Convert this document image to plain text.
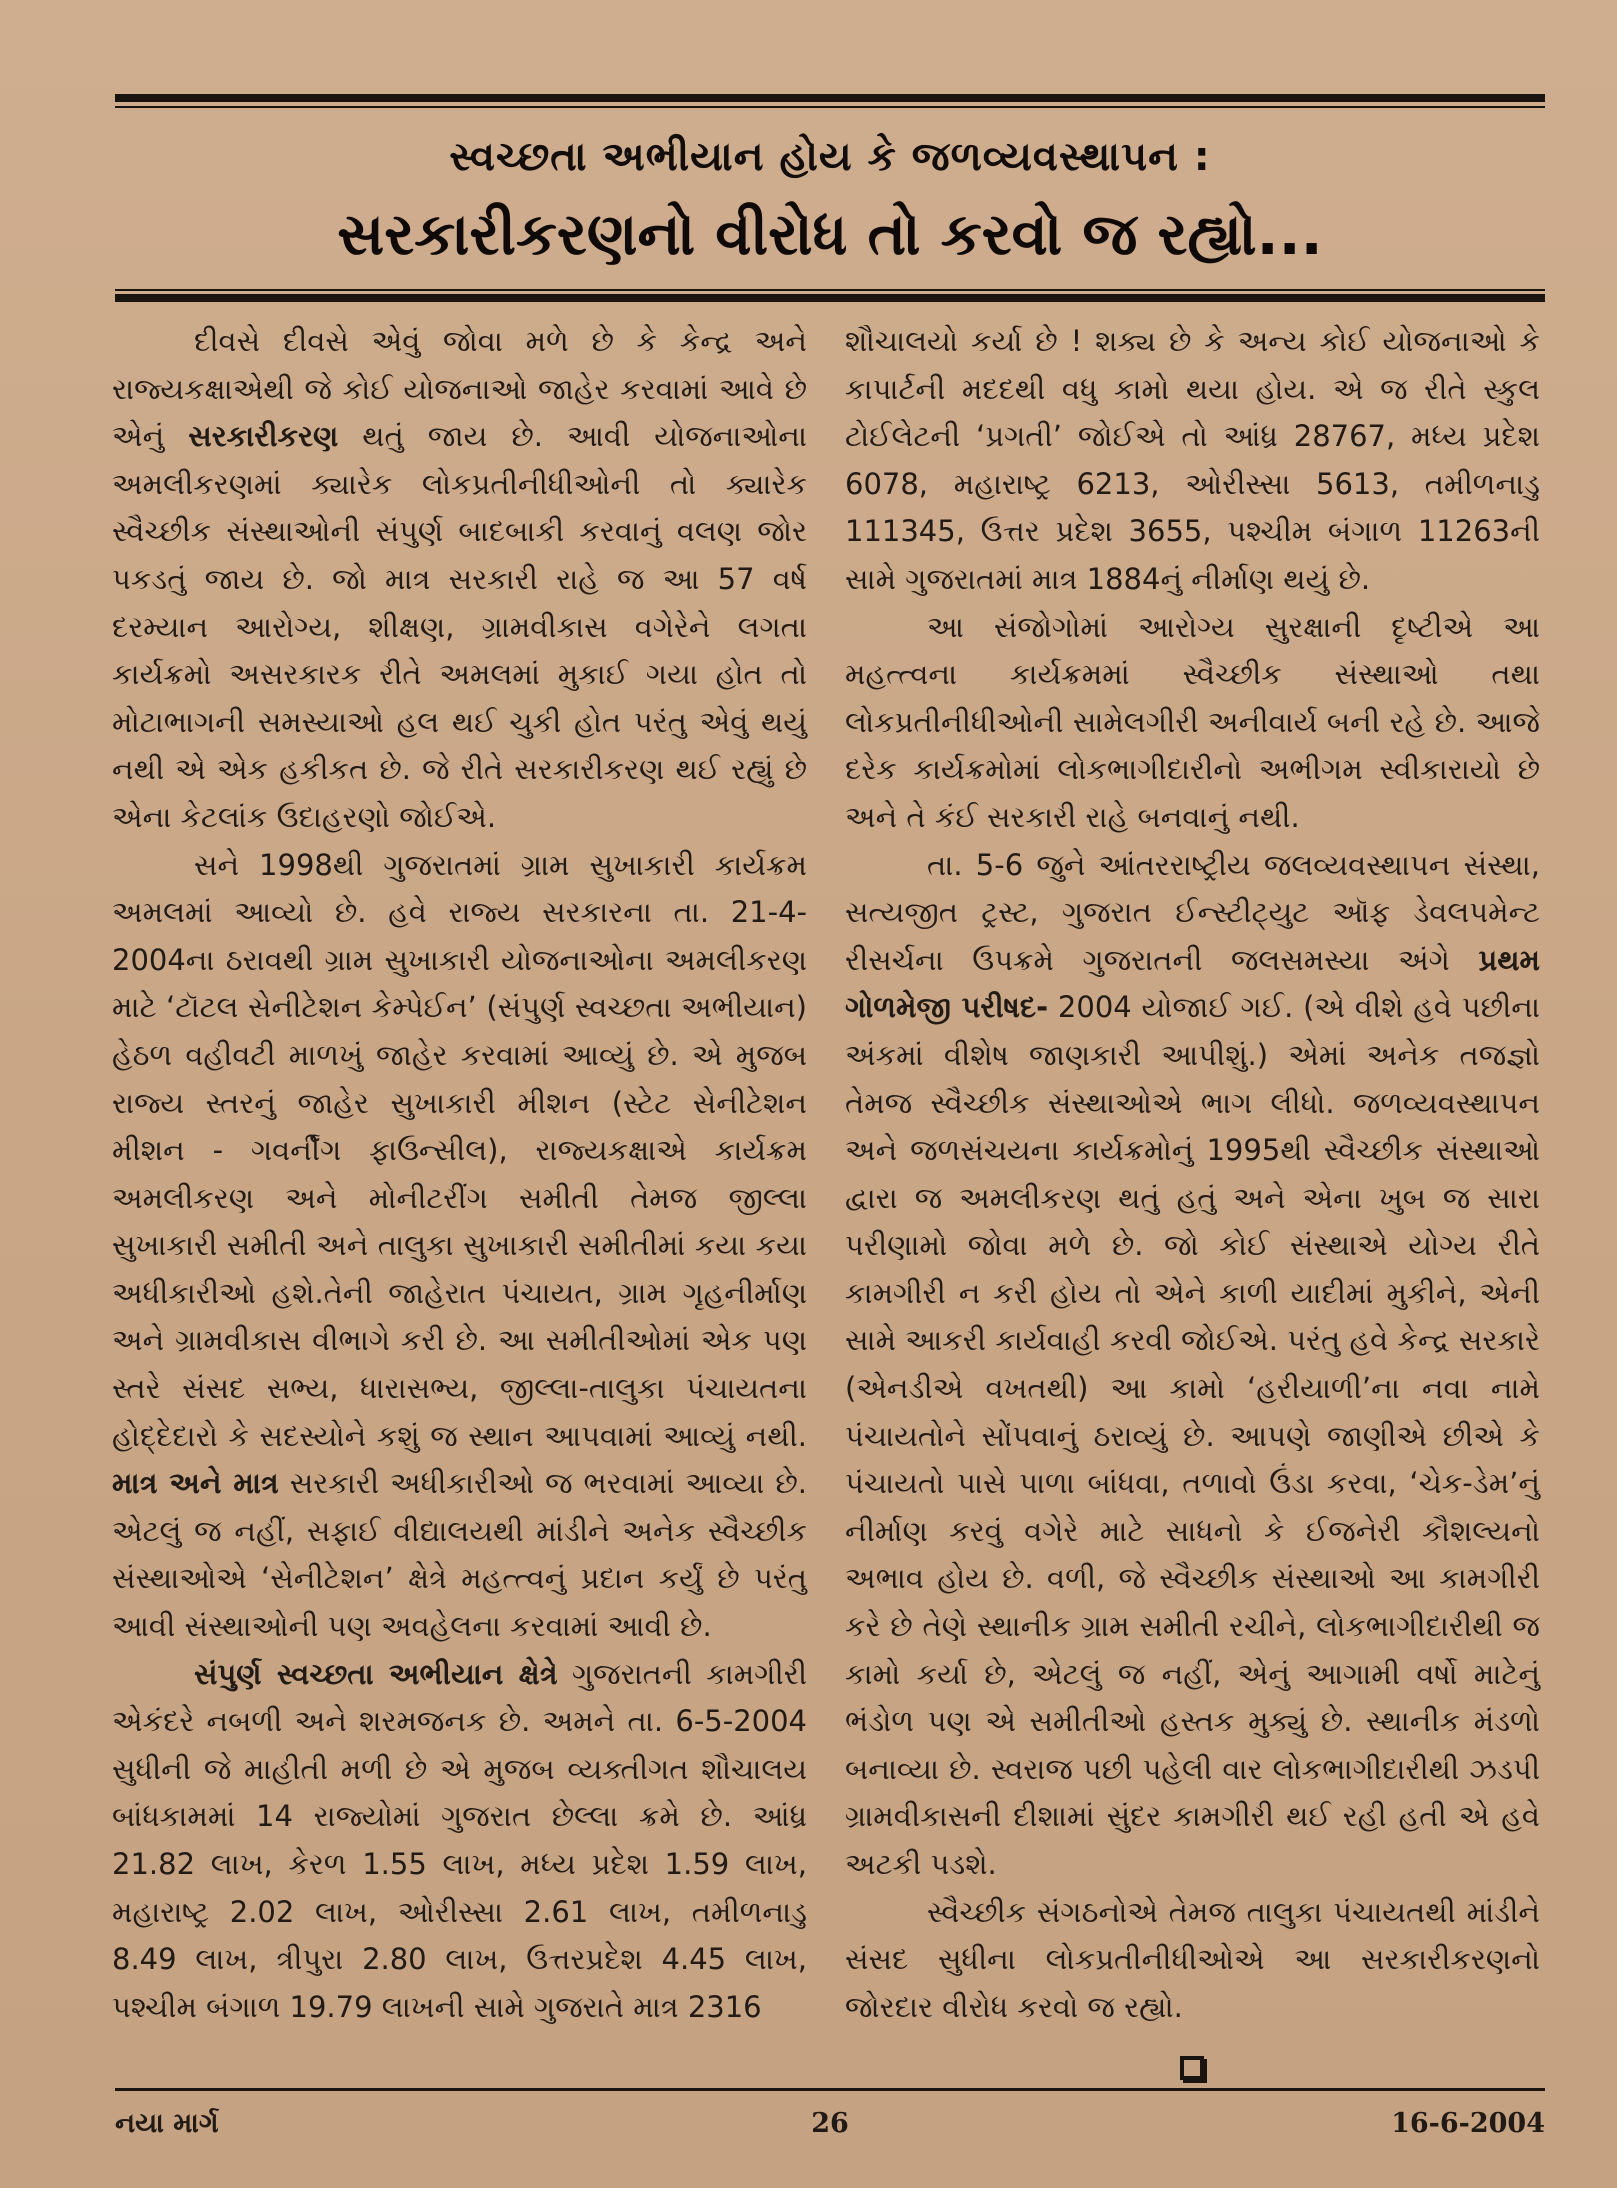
સ્વચ્છતા અભીયાન હોય કે જળવ્યવસ્થાપન :
સરકારીકરણનો વીરોધ તો કરવો જ રહ્યો...

દીવસે દીવસે એવું જોવા મળે છે કે કેન્દ્ર અને રાજ્યકક્ષાએથી જે કોઈ યોજનાઓ જાહેર કરવામાં આવે છે એનું સરકારીકરણ થતું જાય છે. આવી યોજનાઓના અમલીકરણમાં ક્યારેક લોકપ્રતીનીધીઓની તો ક્યારેક સ્વૈચ્છીક સંસ્થાઓની સંપુર્ણ બાદબાકી કરવાનું વલણ જોર પકડતું જાય છે. જો માત્ર સરકારી રાહે જ આ 57 વર્ષ દરમ્યાન આરોગ્ય, શીક્ષણ, ગ્રામવીકાસ વગેરેને લગતા કાર્યક્રમો અસરકારક રીતે અમલમાં મુકાઈ ગયા હોત તો મોટાભાગની સમસ્યાઓ હલ થઈ ચુકી હોત પરંતુ એવું થયું નથી એ એક હકીકત છે. જે રીતે સરકારીકરણ થઈ રહ્યું છે એના કેટલાંક ઉદાહરણો જોઈએ.

સને 1998થી ગુજરાતમાં ગ્રામ સુખાકારી કાર્યક્રમ અમલમાં આવ્યો છે. હવે રાજ્ય સરકારના તા. 21-4-2004ના ઠરાવથી ગ્રામ સુખાકારી યોજનાઓના અમલીકરણ માટે ‘ટૉટલ સેનીટેશન કેમ્પેઈન’ (સંપુર્ણ સ્વચ્છતા અભીયાન) હેઠળ વહીવટી માળખું જાહેર કરવામાં આવ્યું છે. એ મુજબ રાજ્ય સ્તરનું જાહેર સુખાકારી મીશન (સ્ટેટ સેનીટેશન મીશન - ગવર્નીંગ ફાઉન્સીલ), રાજ્યકક્ષાએ કાર્યક્રમ અમલીકરણ અને મોનીટરીંગ સમીતી તેમજ જીલ્લા સુખાકારી સમીતી અને તાલુકા સુખાકારી સમીતીમાં કયા કયા અધીકારીઓ હશે.તેની જાહેરાત પંચાયત, ગ્રામ ગૃહનીર્માણ અને ગ્રામવીકાસ વીભાગે કરી છે. આ સમીતીઓમાં એક પણ સ્તરે સંસદ સભ્ય, ધારાસભ્ય, જીલ્લા-તાલુકા પંચાયતના હોદ્દેદારો કે સદસ્યોને કશું જ સ્થાન આપવામાં આવ્યું નથી. માત્ર અને માત્ર સરકારી અધીકારીઓ જ ભરવામાં આવ્યા છે. એટલું જ નહીં, સફાઈ વીદ્યાલયથી માંડીને અનેક સ્વૈચ્છીક સંસ્થાઓએ ‘સેનીટેશન’ ક્ષેત્રે મહત્ત્વનું પ્રદાન કર્યું છે પરંતુ આવી સંસ્થાઓની પણ અવહેલના કરવામાં આવી છે.

સંપુર્ણ સ્વચ્છતા અભીયાન ક્ષેત્રે ગુજરાતની કામગીરી એકંદરે નબળી અને શરમજનક છે. અમને તા. 6-5-2004 સુધીની જે માહીતી મળી છે એ મુજબ વ્યક્તીગત શૌચાલય બાંધકામમાં 14 રાજ્યોમાં ગુજરાત છેલ્લા ક્રમે છે. આંધ્ર 21.82 લાખ, કેરળ 1.55 લાખ, મધ્ય પ્રદેશ 1.59 લાખ, મહારાષ્ટ્ર 2.02 લાખ, ઓરીસ્સા 2.61 લાખ, તમીળનાડુ 8.49 લાખ, ત્રીપુરા 2.80 લાખ, ઉત્તરપ્રદેશ 4.45 લાખ, પશ્ચીમ બંગાળ 19.79 લાખની સામે ગુજરાતે માત્ર 2316

શૌચાલયો કર્યા છે ! શક્ય છે કે અન્ય કોઈ યોજનાઓ કે કાપાર્ટની મદદથી વધુ કામો થયા હોય. એ જ રીતે સ્કુલ ટોઈલેટની ‘પ્રગતી’ જોઈએ તો આંધ્ર 28767, મધ્ય પ્રદેશ 6078, મહારાષ્ટ્ર 6213, ઓરીસ્સા 5613, તમીળનાડુ 111345, ઉત્તર પ્રદેશ 3655, પશ્ચીમ બંગાળ 11263ની સામે ગુજરાતમાં માત્ર 1884નું નીર્માણ થયું છે.

આ સંજોગોમાં આરોગ્ય સુરક્ષાની દૃષ્ટીએ આ મહત્ત્વના કાર્યક્રમમાં સ્વૈચ્છીક સંસ્થાઓ તથા લોકપ્રતીનીધીઓની સામેલગીરી અનીવાર્ય બની રહે છે. આજે દરેક કાર્યક્રમોમાં લોકભાગીદારીનો અભીગમ સ્વીકારાયો છે અને તે કંઈ સરકારી રાહે બનવાનું નથી.

તા. 5-6 જુને આંતરરાષ્ટ્રીય જલવ્યવસ્થાપન સંસ્થા, સત્યજીત ટ્રસ્ટ, ગુજરાત ઈન્સ્ટીટ્યુટ ઑફ ડેવલપમેન્ટ રીસર્ચના ઉપક્રમે ગુજરાતની જલસમસ્યા અંગે પ્રથમ ગોળમેજી પરીષદ- 2004 યોજાઈ ગઈ. (એ વીશે હવે પછીના અંકમાં વીશેષ જાણકારી આપીશું.) એમાં અનેક તજજ્ઞો તેમજ સ્વૈચ્છીક સંસ્થાઓએ ભાગ લીધો. જળવ્યવસ્થાપન અને જળસંચયના કાર્યક્રમોનું 1995થી સ્વૈચ્છીક સંસ્થાઓ દ્વારા જ અમલીકરણ થતું હતું અને એના ખુબ જ સારા પરીણામો જોવા મળે છે. જો કોઈ સંસ્થાએ યોગ્ય રીતે કામગીરી ન કરી હોય તો એને કાળી યાદીમાં મુકીને, એની સામે આકરી કાર્યવાહી કરવી જોઈએ. પરંતુ હવે કેન્દ્ર સરકારે (એનડીએ વખતથી) આ કામો ‘હરીયાળી’ના નવા નામે પંચાયતોને સોંપવાનું ઠરાવ્યું છે. આપણે જાણીએ છીએ કે પંચાયતો પાસે પાળા બાંધવા, તળાવો ઉંડા કરવા, ‘ચેક-ડેમ’નું નીર્માણ કરવું વગેરે માટે સાધનો કે ઈજનેરી કૌશલ્યનો અભાવ હોય છે. વળી, જે સ્વૈચ્છીક સંસ્થાઓ આ કામગીરી કરે છે તેણે સ્થાનીક ગ્રામ સમીતી રચીને, લોકભાગીદારીથી જ કામો કર્યા છે, એટલું જ નહીં, એનું આગામી વર્ષો માટેનું ભંડોળ પણ એ સમીતીઓ હસ્તક મુક્યું છે. સ્થાનીક મંડળો બનાવ્યા છે. સ્વરાજ પછી પહેલી વાર લોકભાગીદારીથી ઝડપી ગ્રામવીકાસની દીશામાં સુંદર કામગીરી થઈ રહી હતી એ હવે અટકી પડશે.

સ્વૈચ્છીક સંગઠનોએ તેમજ તાલુકા પંચાયતથી માંડીને સંસદ સુધીના લોકપ્રતીનીધીઓએ આ સરકારીકરણનો જોરદાર વીરોધ કરવો જ રહ્યો.

નયા માર્ગ	26	16-6-2004
